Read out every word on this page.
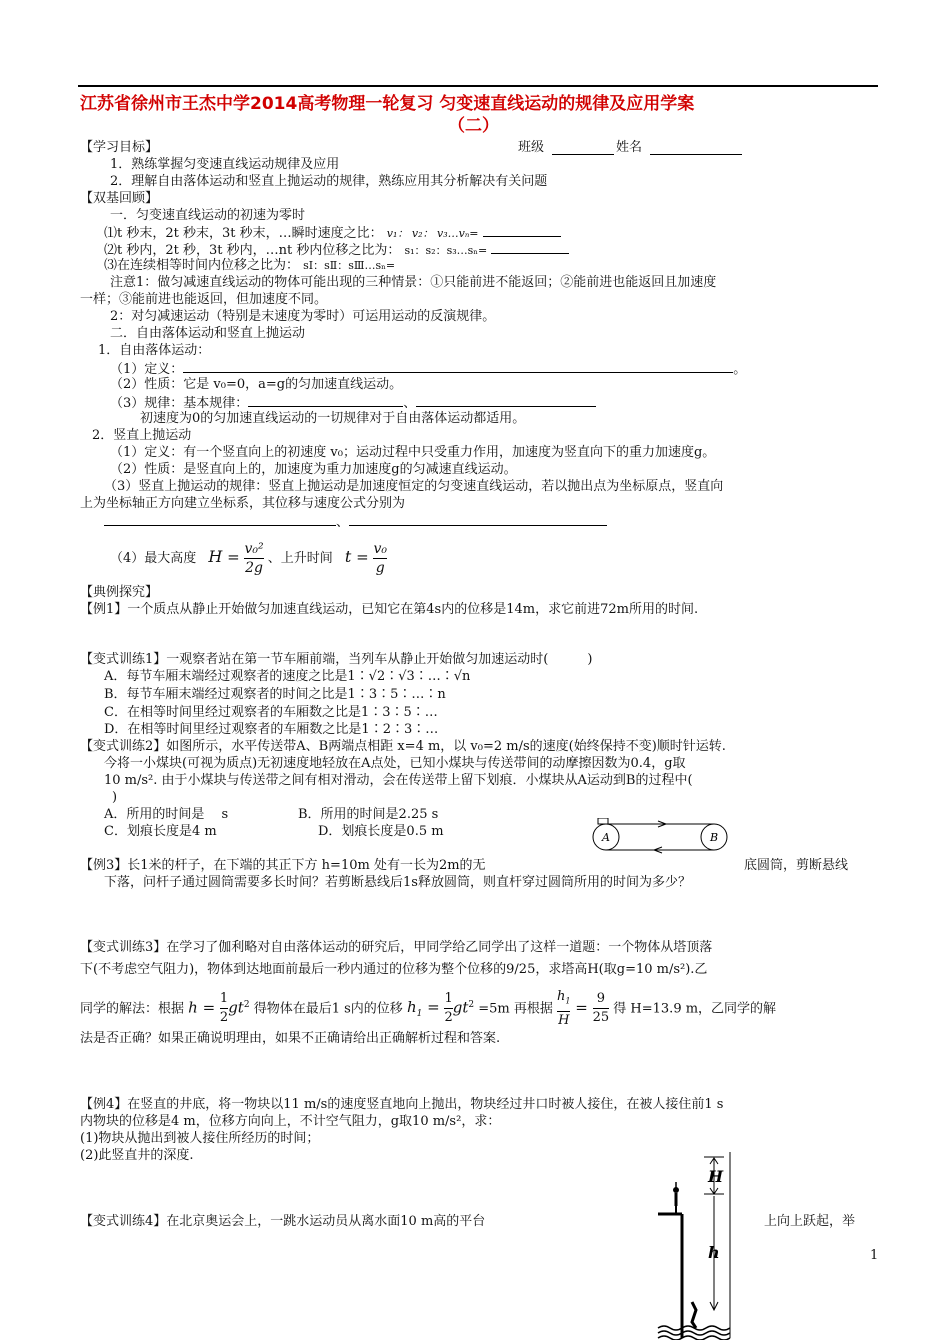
江苏省徐州市王杰中学2014高考物理一轮复习 匀变速直线运动的规律及应用学案
（二）
【学习目标】	班级	姓名
1．熟练掌握匀变速直线运动规律及应用
2．理解自由落体运动和竖直上抛运动的规律，熟练应用其分析解决有关问题
【双基回顾】
一．匀变速直线运动的初速为零时
⑴t 秒末，2t 秒末，3t 秒末，…瞬时速度之比： v₁： v₂： v₃…vₙ=
⑵t 秒内，2t 秒，3t 秒内，…nt 秒内位移之比为： s₁：s₂：s₃…sₙ=
⑶在连续相等时间内位移之比为： sⅠ：sⅡ：sⅢ…sₙ=
注意1：做匀减速直线运动的物体可能出现的三种情景：①只能前进不能返回；②能前进也能返回且加速度
一样；③能前进也能返回，但加速度不同。
2：对匀减速运动（特别是末速度为零时）可运用运动的反演规律。
二．自由落体运动和竖直上抛运动
1．自由落体运动：
（1）定义：	。
（2）性质：它是 v₀=0，a=g的匀加速直线运动。
（3）规律：基本规律：	、
初速度为0的匀加速直线运动的一切规律对于自由落体运动都适用。
2．竖直上抛运动
（1）定义：有一个竖直向上的初速度 v₀；运动过程中只受重力作用，加速度为竖直向下的重力加速度g。
（2）性质：是竖直向上的，加速度为重力加速度g的匀减速直线运动。
（3）竖直上抛运动的规律：竖直上抛运动是加速度恒定的匀变速直线运动，若以抛出点为坐标原点，竖直向
上为坐标轴正方向建立坐标系，其位移与速度公式分别为
、
（4）最大高度 $H = \frac{\text{v₀²}}{2g}$ 、上升时间 $t = \frac{\text{v₀}}{g}$
【典例探究】
【例1】一个质点从静止开始做匀加速直线运动，已知它在第4s内的位移是14m，求它前进72m所用的时间.
【变式训练1】一观察者站在第一节车厢前端，当列车从静止开始做匀加速运动时(　　　)
A．每节车厢末端经过观察者的速度之比是1∶√2∶√3∶…∶√n
B．每节车厢末端经过观察者的时间之比是1∶3∶5∶…∶n
C．在相等时间里经过观察者的车厢数之比是1∶3∶5∶…
D．在相等时间里经过观察者的车厢数之比是1∶2∶3∶…
【变式训练2】如图所示，水平传送带A、B两端点相距 x=4 m，以 v₀=2 m/s的速度(始终保持不变)顺时针运转.
今将一小煤块(可视为质点)无初速度地轻放在A点处，已知小煤块与传送带间的动摩擦因数为0.4，g取
10 m/s². 由于小煤块与传送带之间有相对滑动，会在传送带上留下划痕．小煤块从A运动到B的过程中(
)
A．所用的时间是　 s	B．所用的时间是2.25 s
C．划痕长度是4 m	D．划痕长度是0.5 m	A	B
【例3】长1米的杆子，在下端的其正下方 h=10m 处有一长为2m的无	底圆筒，剪断悬线
下落，问杆子通过圆筒需要多长时间？若剪断悬线后1s释放圆筒，则直杆穿过圆筒所用的时间为多少？
【变式训练3】在学习了伽利略对自由落体运动的研究后，甲同学给乙同学出了这样一道题：一个物体从塔顶落
下(不考虑空气阻力)，物体到达地面前最后一秒内通过的位移为整个位移的9/25，求塔高H(取g=10 m/s²).乙
同学的解法：根据 $h = \frac{1}{2} gt^2$ 得物体在最后1 s内的位移 $h_1 = \frac{1}{2} gt^2 =5m$ 再根据 $\frac{h_1}{H} = \frac{9}{25}$ 得 H=13.9 m，乙同学的解
法是否正确？如果正确说明理由，如果不正确请给出正确解析过程和答案.
【例4】在竖直的井底，将一物块以11 m/s的速度竖直地向上抛出，物块经过井口时被人接住，在被人接住前1 s
内物块的位移是4 m，位移方向向上，不计空气阻力，g取10 m/s²，求：
(1)物块从抛出到被人接住所经历的时间；
(2)此竖直井的深度.
【变式训练4】在北京奥运会上，一跳水运动员从离水面10 m高的平台	上向上跃起，举
H
h	1
